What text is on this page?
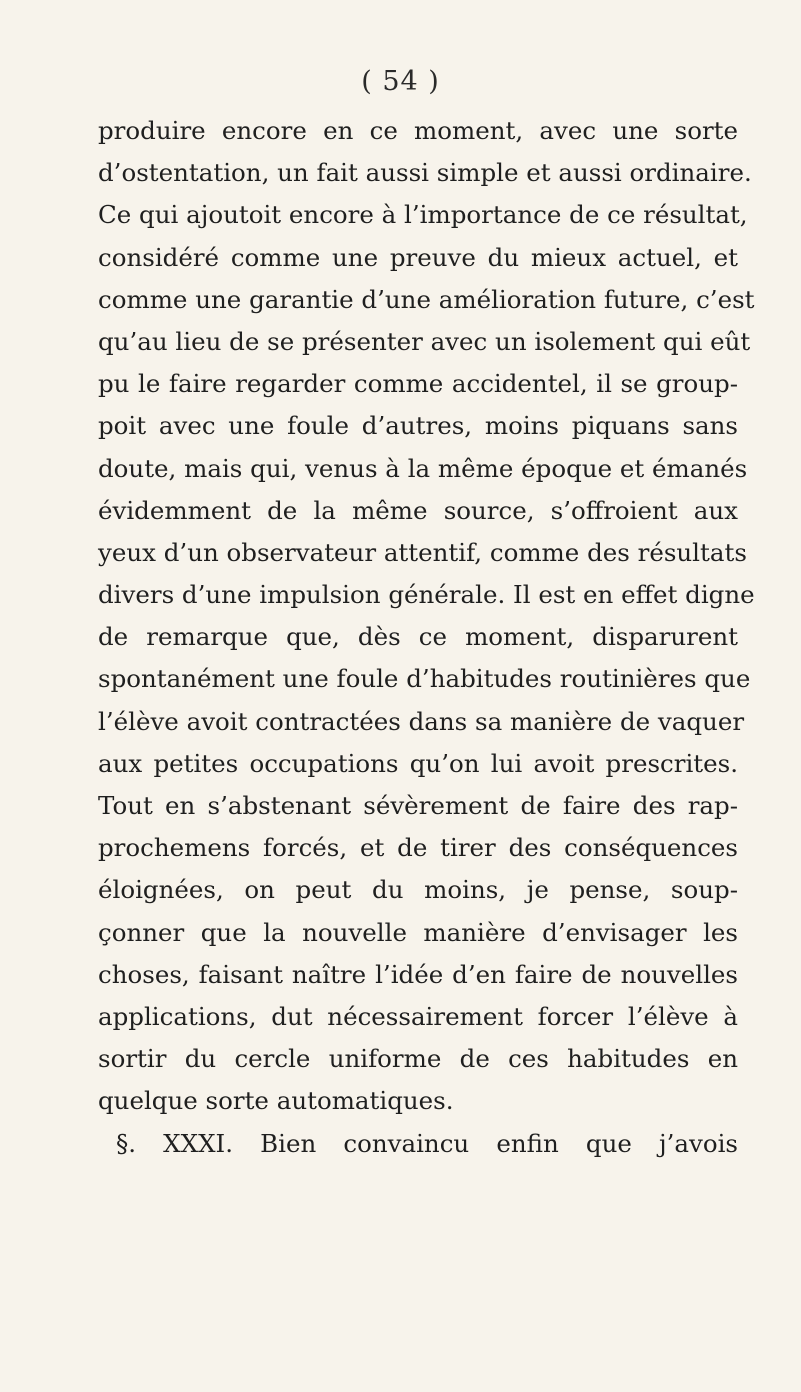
( 54 )
produire encore en ce moment, avec une sorte
d’ostentation, un fait aussi simple et aussi ordinaire.
Ce qui ajoutoit encore à l’importance de ce résultat,
considéré comme une preuve du mieux actuel, et
comme une garantie d’une amélioration future, c’est
qu’au lieu de se présenter avec un isolement qui eût
pu le faire regarder comme accidentel, il se group-
poit avec une foule d’autres, moins piquans sans
doute, mais qui, venus à la même époque et émanés
évidemment de la même source, s’offroient aux
yeux d’un observateur attentif, comme des résultats
divers d’une impulsion générale. Il est en effet digne
de remarque que, dès ce moment, disparurent
spontanément une foule d’habitudes routinières que
l’élève avoit contractées dans sa manière de vaquer
aux petites occupations qu’on lui avoit prescrites.
Tout en s’abstenant sévèrement de faire des rap-
prochemens forcés, et de tirer des conséquences
éloignées, on peut du moins, je pense, soup-
çonner que la nouvelle manière d’envisager les
choses, faisant naître l’idée d’en faire de nouvelles
applications, dut nécessairement forcer l’élève à
sortir du cercle uniforme de ces habitudes en
quelque sorte automatiques.
§. XXXI. Bien convaincu enfin que j’avois
